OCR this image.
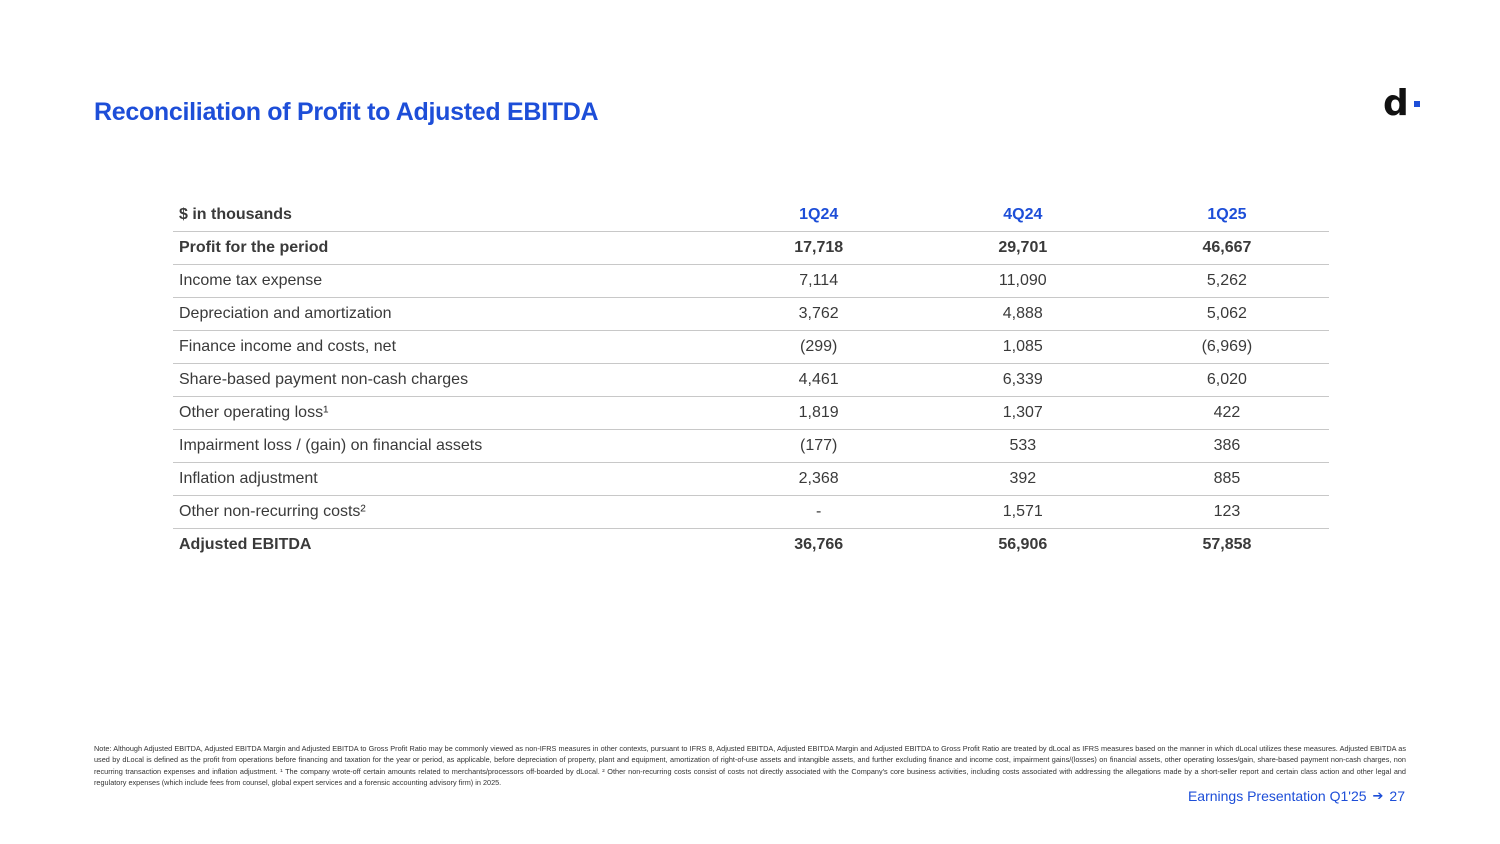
Reconciliation of Profit to Adjusted EBITDA	d
$ in thousands	1Q24	4Q24	1Q25
Profit for the period	17,718	29,701	46,667
Income tax expense	7,114	11,090	5,262
Depreciation and amortization	3,762	4,888	5,062
Finance income and costs, net	(299)	1,085	(6,969)
Share-based payment non-cash charges	4,461	6,339	6,020
Other operating loss¹	1,819	1,307	422
Impairment loss / (gain) on financial assets	(177)	533	386
Inflation adjustment	2,368	392	885
Other non-recurring costs²	-	1,571	123
Adjusted EBITDA	36,766	56,906	57,858

Note: Although Adjusted EBITDA, Adjusted EBITDA Margin and Adjusted EBITDA to Gross Profit Ratio may be commonly viewed as non-IFRS measures in other contexts, pursuant to IFRS 8, Adjusted EBITDA, Adjusted EBITDA Margin and Adjusted EBITDA to Gross Profit Ratio are treated by dLocal as IFRS measures based on the manner in which dLocal utilizes these measures. Adjusted EBITDA as used by dLocal is defined as the profit from operations before financing and taxation for the year or period, as applicable, before depreciation of property, plant and equipment, amortization of right-of-use assets and intangible assets, and further excluding finance and income cost, impairment gains/(losses) on financial assets, other operating losses/gain, share-based payment non-cash charges, non recurring transaction expenses and inflation adjustment. ¹ The company wrote-off certain amounts related to merchants/processors off-boarded by dLocal. ² Other non-recurring costs consist of costs not directly associated with the Company's core business activities, including costs associated with addressing the allegations made by a short-seller report and certain class action and other legal and regulatory expenses (which include fees from counsel, global expert services and a forensic accounting advisory firm) in 2025.

Earnings Presentation Q1'25 ➔ 27
